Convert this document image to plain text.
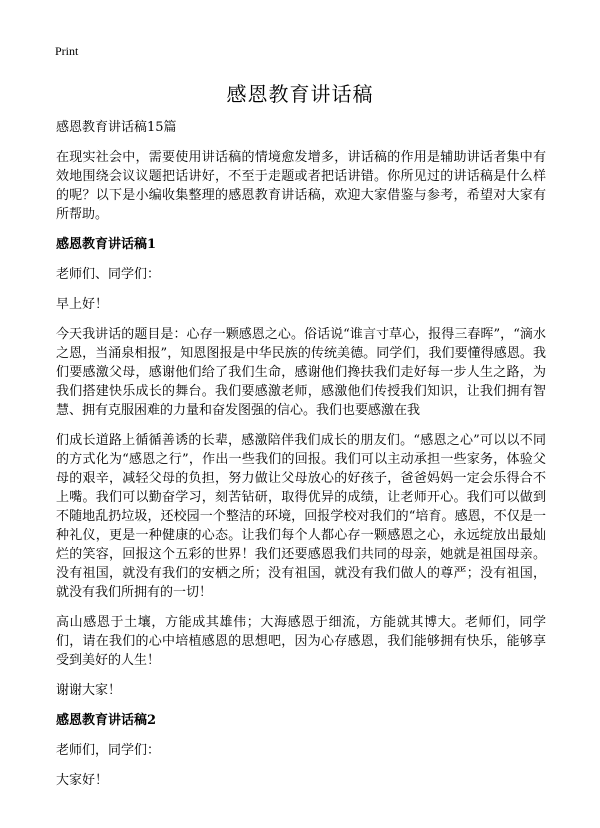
Print
感恩教育讲话稿

感恩教育讲话稿15篇

在现实社会中，需要使用讲话稿的情境愈发增多，讲话稿的作用是辅助讲话者集中有效地围绕会议议题把话讲好，不至于走题或者把话讲错。你所见过的讲话稿是什么样的呢？以下是小编收集整理的感恩教育讲话稿，欢迎大家借鉴与参考，希望对大家有所帮助。

感恩教育讲话稿1

老师们、同学们：

早上好！

今天我讲话的题目是：心存一颗感恩之心。俗话说“谁言寸草心，报得三春晖”，“滴水之恩，当涌泉相报”，知恩图报是中华民族的传统美德。同学们，我们要懂得感恩。我们要感激父母，感谢他们给了我们生命，感谢他们搀扶我们走好每一步人生之路，为我们搭建快乐成长的舞台。我们要感激老师，感激他们传授我们知识，让我们拥有智慧、拥有克服困难的力量和奋发图强的信心。我们也要感激在我

们成长道路上循循善诱的长辈，感激陪伴我们成长的朋友们。“感恩之心”可以以不同的方式化为“感恩之行”，作出一些我们的回报。我们可以主动承担一些家务，体验父母的艰辛，减轻父母的负担，努力做让父母放心的好孩子，爸爸妈妈一定会乐得合不上嘴。我们可以勤奋学习，刻苦钻研，取得优异的成绩，让老师开心。我们可以做到不随地乱扔垃圾，还校园一个整洁的环境，回报学校对我们的“培育。感恩，不仅是一种礼仪，更是一种健康的心态。让我们每个人都心存一颗感恩之心，永远绽放出最灿烂的笑容，回报这个五彩的世界！我们还要感恩我们共同的母亲，她就是祖国母亲。没有祖国，就没有我们的安栖之所；没有祖国，就没有我们做人的尊严；没有祖国，就没有我们所拥有的一切！

高山感恩于土壤，方能成其雄伟；大海感恩于细流，方能就其博大。老师们，同学们，请在我们的心中培植感恩的思想吧，因为心存感恩，我们能够拥有快乐，能够享受到美好的人生！

谢谢大家！

感恩教育讲话稿2

老师们，同学们：

大家好！
